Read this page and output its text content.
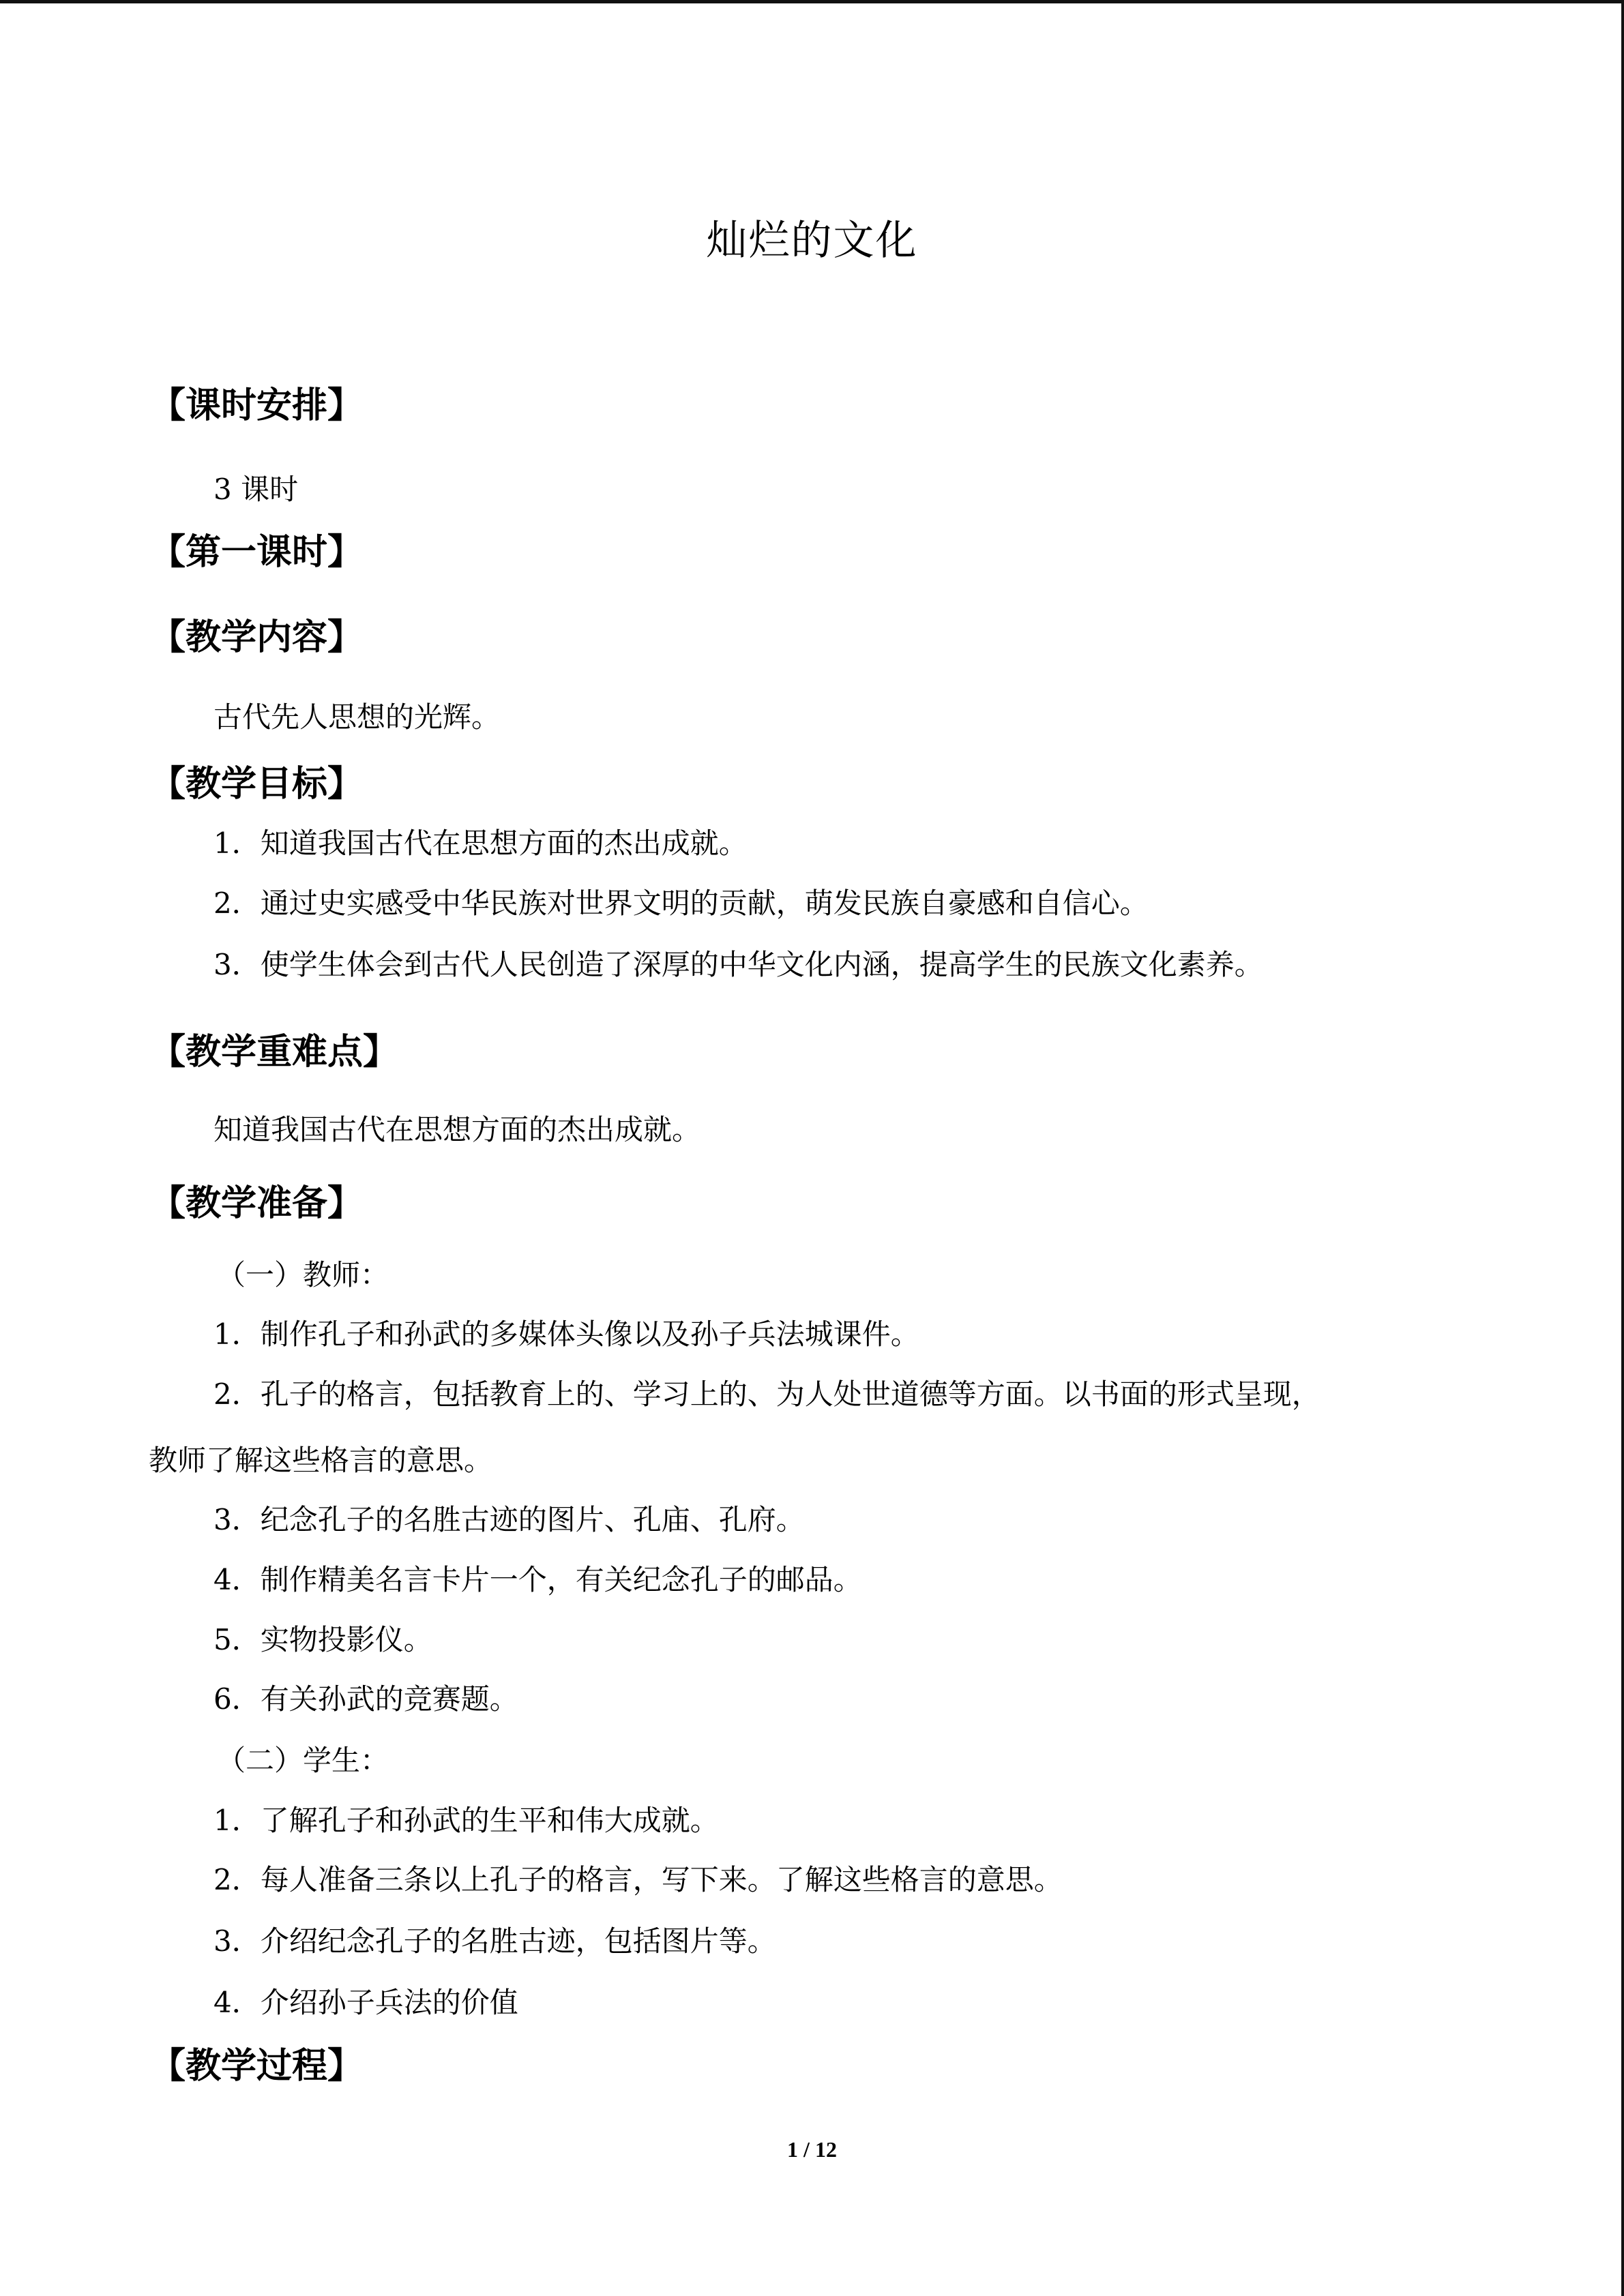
灿烂的文化
【课时安排】
3 课时
【第一课时】
【教学内容】
古代先人思想的光辉。
【教学目标】
1．知道我国古代在思想方面的杰出成就。
2．通过史实感受中华民族对世界文明的贡献，萌发民族自豪感和自信心。
3．使学生体会到古代人民创造了深厚的中华文化内涵，提高学生的民族文化素养。
【教学重难点】
知道我国古代在思想方面的杰出成就。
【教学准备】
（一）教师：
1．制作孔子和孙武的多媒体头像以及孙子兵法城课件。
2．孔子的格言，包括教育上的、学习上的、为人处世道德等方面。以书面的形式呈现，
教师了解这些格言的意思。
3．纪念孔子的名胜古迹的图片、孔庙、孔府。
4．制作精美名言卡片一个，有关纪念孔子的邮品。
5．实物投影仪。
6．有关孙武的竞赛题。
（二）学生：
1．了解孔子和孙武的生平和伟大成就。
2．每人准备三条以上孔子的格言，写下来。了解这些格言的意思。
3．介绍纪念孔子的名胜古迹，包括图片等。
4．介绍孙子兵法的价值
【教学过程】
1 / 12
